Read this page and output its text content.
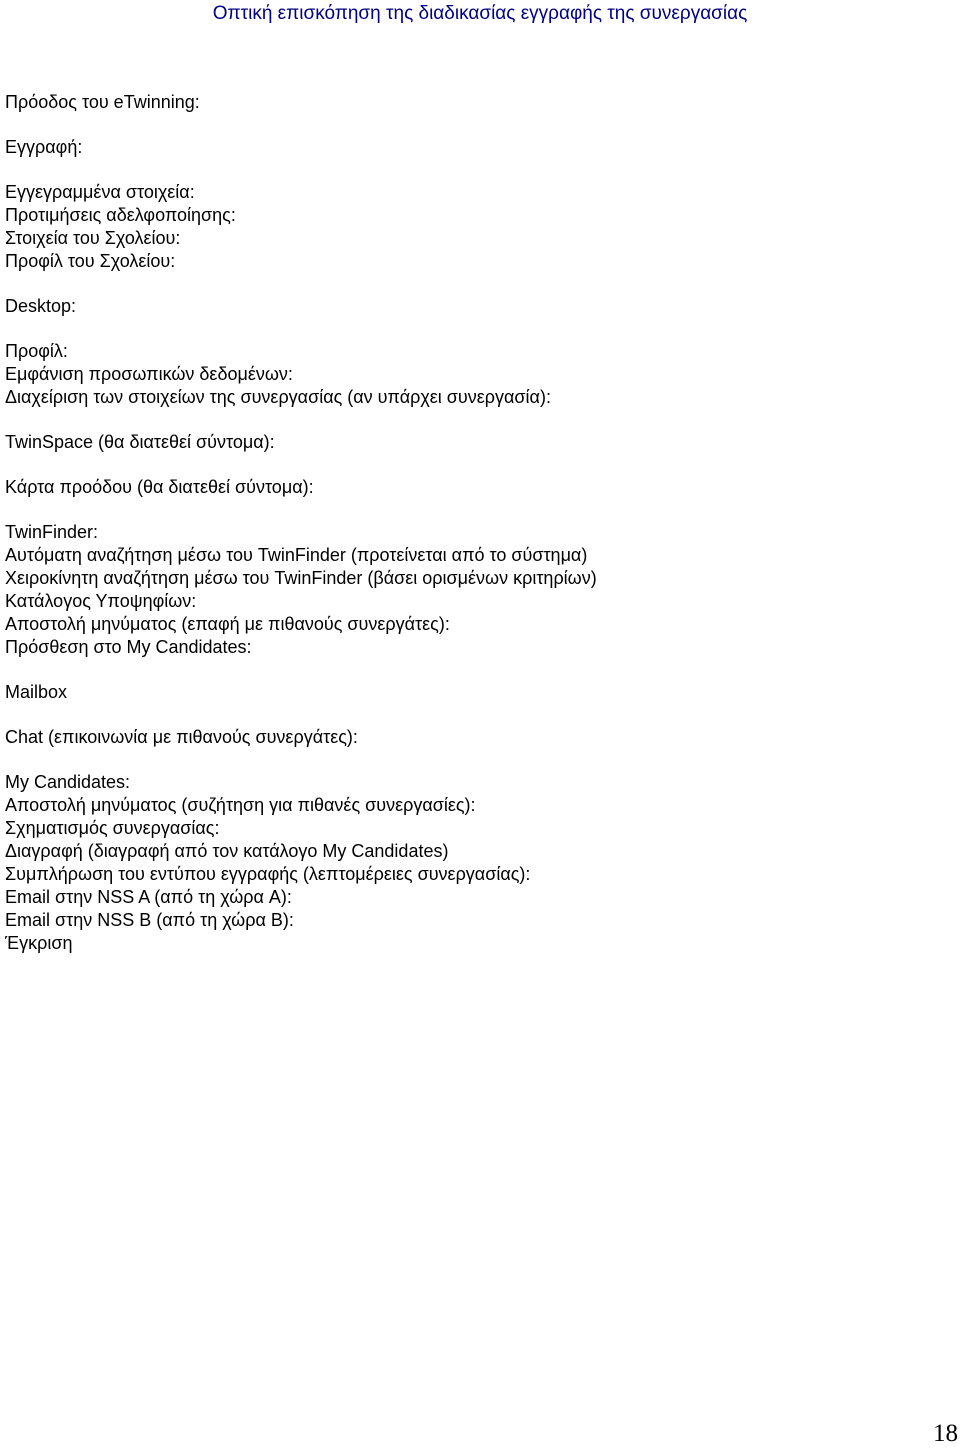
Οπτική επισκόπηση της διαδικασίας εγγραφής της συνεργασίας
Πρόοδος του eTwinning:
Εγγραφή:
Εγγεγραμμένα στοιχεία:
Προτιμήσεις αδελφοποίησης:
Στοιχεία του Σχολείου:
Προφίλ του Σχολείου:
Desktop:
Προφίλ:
Εμφάνιση προσωπικών δεδομένων:
Διαχείριση των στοιχείων της συνεργασίας (αν υπάρχει συνεργασία):
TwinSpace (θα διατεθεί σύντομα):
Κάρτα προόδου (θα διατεθεί σύντομα):
TwinFinder:
Αυτόματη αναζήτηση μέσω του TwinFinder (προτείνεται από το σύστημα)
Χειροκίνητη αναζήτηση μέσω του TwinFinder (βάσει ορισμένων κριτηρίων)
Κατάλογος Υποψηφίων:
Αποστολή μηνύματος (επαφή με πιθανούς συνεργάτες):
Πρόσθεση στο My Candidates:
Mailbox
Chat (επικοινωνία με πιθανούς συνεργάτες):
My Candidates:
Αποστολή μηνύματος (συζήτηση για πιθανές συνεργασίες):
Σχηματισμός συνεργασίας:
Διαγραφή (διαγραφή από τον κατάλογο My Candidates)
Συμπλήρωση του εντύπου εγγραφής (λεπτομέρειες συνεργασίας):
Email στην NSS A (από τη χώρα A):
Email στην NSS B (από τη χώρα B):
Έγκριση
18
